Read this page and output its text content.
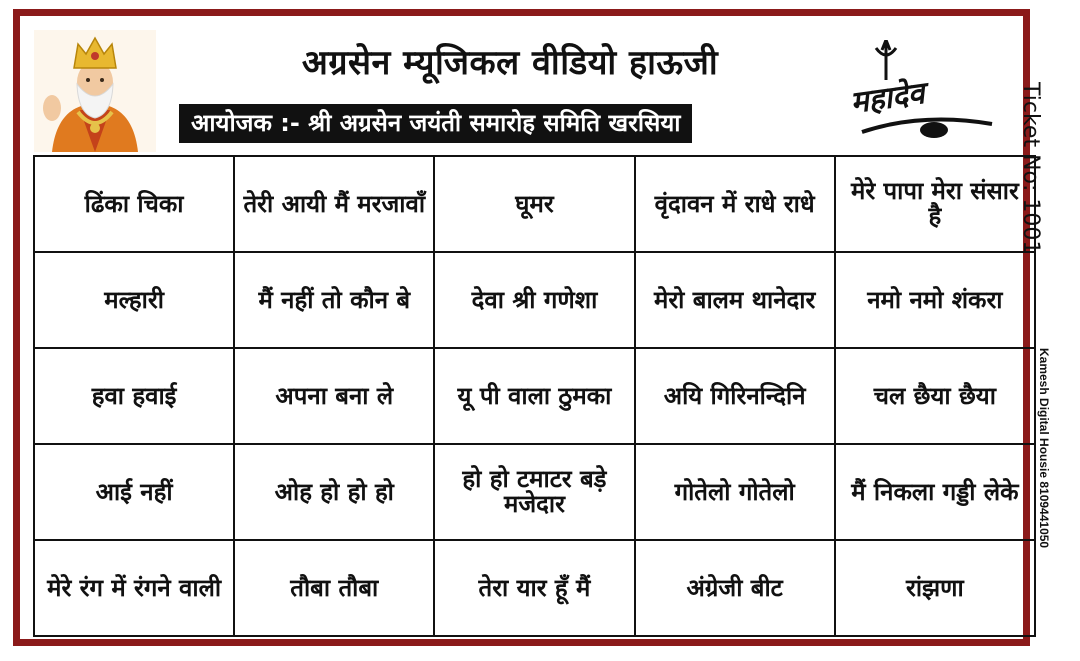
अग्रसेन म्यूजिकल वीडियो हाऊजी
आयोजक :- श्री अग्रसेन जयंती समारोह समिति खरसिया
महादेव
ढिंका चिका	तेरी आयी मैं मरजावाँ	घूमर	वृंदावन में राधे राधे	मेरे पापा मेरा संसार है
मल्हारी	मैं नहीं तो कौन बे	देवा श्री गणेशा	मेरो बालम थानेदार	नमो नमो शंकरा
हवा हवाई	अपना बना ले	यू पी वाला ठुमका	अयि गिरिनन्दिनि	चल छैया छैया
आई नहीं	ओह हो हो हो	हो हो टमाटर बड़े मजेदार	गोतेलो गोतेलो	मैं निकला गड्डी लेके
मेरे रंग में रंगने वाली	तौबा तौबा	तेरा यार हूँ मैं	अंग्रेजी बीट	रांझणा
Ticket No: 1001
Kamesh Digital Housie 8109441050
